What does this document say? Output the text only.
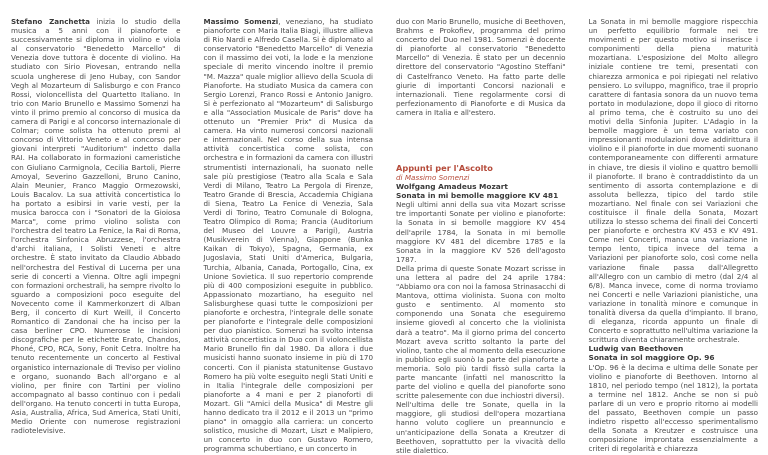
Stefano Zanchetta inizia lo studio della musica a 5 anni con il pianoforte e successivamente si diploma in violino e viola al conservatorio "Benedetto Marcello" di Venezia dove tuttora è docente di violino. Ha studiato con Sirio Piovesan, entrando nella scuola ungherese di Jeno Hubay, con Sandor Vegh al Mozarteum di Salisburgo e con Franco Rossi, violoncellista del Quartetto Italiano. In trio con Mario Brunello e Massimo Somenzi ha vinto il primo premio al concorso di musica da camera di Parigi e al concorso internazionale di Colmar; come solista ha ottenuto premi al concorso di Vittorio Veneto e al concorso per giovani interpreti "Auditorium" indetto dalla RAI. Ha collaborato in formazioni cameristiche con Giuliano Carmignola, Cecilia Bartoli, Pierre Amoyal, Severino Gazzelloni, Bruno Canino, Alain Meunier, Franco Maggio Ormezowski, Louis Bacalov. La sua attività concertistica lo ha portato a esibirsi in varie vesti, per la musica barocca con i "Sonatori de la Gioiosa Marca", come primo violino solista con l'orchestra del teatro La Fenice, la Rai di Roma, l'orchestra Sinfonica Abruzzese, l'orchestra d'archi italiana, I Solisti Veneti e altre orchestre. È stato invitato da Claudio Abbado nell'orchestra del Festival di Lucerna per una serie di concerti a Vienna. Oltre agli impegni con formazioni orchestrali, ha sempre rivolto lo sguardo a composizioni poco eseguite del Novecento come il Kammerkonzert di Alban Berg, il concerto di Kurt Weill, il Concerto Romantico di Zandonai che ha inciso per la casa berliner CPO. Numerose le incisioni discografiche per le etichette Erato, Chandos, Phoné, CPO, RCA, Sony, Fonit Cetra. Inoltre ha tenuto recentemente un concerto al Festival organistico internazionale di Treviso per violino e organo, suonando Bach all'organo e al violino, per finire con Tartini per violino accompagnato al basso continuo con i pedali dell'organo. Ha tenuto concerti in tutta Europa, Asia, Australia, Africa, Sud America, Stati Uniti, Medio Oriente con numerose registrazioni radiotelevisive.

Massimo Somenzi, veneziano, ha studiato pianoforte con Maria Italia Biagi, illustre allieva di Rio Nardi e Alfredo Casella. Si è diplomato al conservatorio "Benedetto Marcello" di Venezia con il massimo dei voti, la lode e la menzione speciale di merito vincendo inoltre il premio "M. Mazza" quale miglior allievo della Scuola di Pianoforte. Ha studiato Musica da camera con Sergio Lorenzi, Franco Rossi e Antonio Janigro. Si è perfezionato al "Mozarteum" di Salisburgo e alla "Association Musicale de Paris" dove ha ottenuto un "Premier Prix" di Musica da camera. Ha vinto numerosi concorsi nazionali e internazionali. Nel corso della sua intensa attività concertistica come solista, con orchestra e in formazioni da camera con illustri strumentisti internazionali, ha suonato nelle sale più prestigiose (Teatro alla Scala e Sala Verdi di Milano, Teatro La Pergola di Firenze, Teatro Grande di Brescia, Accademia Chigiana di Siena, Teatro La Fenice di Venezia, Sala Verdi di Torino, Teatro Comunale di Bologna, Teatro Olimpico di Roma; Francia (Auditorium del Museo del Louvre a Parigi), Austria (Musikverein di Vienna), Giappone (Bunka Kaikan di Tokyo), Spagna, Germania, ex Jugoslavia, Stati Uniti d'America, Bulgaria, Turchia, Albania, Canada, Portogallo, Cina, ex Unione Sovietica. Il suo repertorio comprende più di 400 composizioni eseguite in pubblico. Appassionato mozartiano, ha eseguito nel Salisburghese quasi tutte le composizioni per pianoforte e orchestra, l'integrale delle sonate per pianoforte e l'integrale delle composizioni per duo pianistico. Somenzi ha svolto intensa attività concertistica in Duo con il violoncellista Mario Brunello fin dal 1980. Da allora i due musicisti hanno suonato insieme in più di 170 concerti. Con il pianista statunitense Gustavo Romero ha più volte eseguito negli Stati Uniti e in Italia l'integrale delle composizioni per pianoforte a 4 mani e per 2 pianoforti di Mozart. Gli "Amici della Musica" di Mestre gli hanno dedicato tra il 2012 e il 2013 un "primo piano" in omaggio alla carriera: un concerto solistico, musiche di Mozart, Liszt e Malipiero, un concerto in duo con Gustavo Romero, programma schubertiano, e un concerto in

duo con Mario Brunello, musiche di Beethoven, Brahms e Prokofiev, programma del primo concerto del Duo nel 1981. Somenzi è docente di pianoforte al conservatorio "Benedetto Marcello" di Venezia. È stato per un decennio direttore del conservatorio "Agostino Steffani" di Castelfranco Veneto. Ha fatto parte delle giurie di importanti Concorsi nazionali e internazionali. Tiene regolarmente corsi di perfezionamento di Pianoforte e di Musica da camera in Italia e all'estero.

Appunti per l'Ascolto

di Massimo Somenzi

Wolfgang Amadeus Mozart

Sonata in mi bemolle maggiore KV 481

Negli ultimi anni della sua vita Mozart scrisse tre importanti Sonate per violino e pianoforte: la Sonata in si bemolle maggiore KV 454 dell'aprile 1784, la Sonata in mi bemolle maggiore KV 481 del dicembre 1785 e la Sonata in la maggiore KV 526 dell'agosto 1787.

Della prima di queste Sonate Mozart scrisse in una lettera al padre del 24 aprile 1784: "Abbiamo ora con noi la famosa Strinasacchi di Mantova, ottima violinista. Suona con molto gusto e sentimento. Al momento sto componendo una Sonata che eseguiremo insieme giovedì al concerto che la violinista darà a teatro". Ma il giorno prima del concerto Mozart aveva scritto soltanto la parte del violino, tanto che al momento della esecuzione in pubblico egli suonò la parte del pianoforte a memoria. Solo più tardi fissò sulla carta la parte mancante (infatti nel manoscritto la parte del violino e quella del pianoforte sono scritte palesemente con due inchiostri diversi).

Nell'ultima delle tre Sonate, quella in la maggiore, gli studiosi dell'opera mozartiana hanno voluto cogliere un preannuncio e un'anticipazione della Sonata a Kreutzer di Beethoven, soprattutto per la vivacità dello stile dialettico.

La Sonata in mi bemolle maggiore rispecchia un perfetto equilibrio formale nei tre movimenti e per questo motivo si inserisce i componimenti della piena maturità mozartiana. L'esposizione del Molto allegro iniziale contiene tre temi, presentati con chiarezza armonica e poi ripiegati nel relativo pensiero. Lo sviluppo, magnifico, trae il proprio carattere di fantasia sonora da un nuovo tema portato in modulazione, dopo il gioco di ritorno al primo tema, che è costruito su uno dei motivi della Sinfonia Jupiter. L'Adagio in la bemolle maggiore è un tema variato con impressionanti modulazioni dove addirittura il violino e il pianoforte in due momenti suonano contemporaneamente con differenti armature in chiave, tre diesis il violino e quattro bemolli il pianoforte. Il brano è contraddistinto da un sentimento di assorta contemplazione e di assoluta bellezza, tipico del tardo stile mozartiano. Nel finale con sei Variazioni che costituisce il finale della Sonata, Mozart utilizza lo stesso schema dei finali dei Concerti per pianoforte e orchestra KV 453 e KV 491. Come nei Concerti, manca una variazione in tempo lento, tipica invece del tema a Variazioni per pianoforte solo, così come nella variazione finale passa dall'Allegretto all'Allegro con un cambio di metro (dal 2/4 al 6/8). Manca invece, come di norma troviamo nei Concerti e nelle Variazioni pianistiche, una variazione in tonalità minore e comunque in tonalità diversa da quella d'impianto. Il brano, di eleganza, ricorda appunto un finale di Concerto e soprattutto nell'ultima variazione la scrittura diventa chiaramente orchestrale.

Ludwig van Beethoven

Sonata in sol maggiore Op. 96

L'Op. 96 è la decima e ultima delle Sonate per violino e pianoforte di Beethoven. Intorno al 1810, nel periodo tempo (nel 1812), la portata a termine nel 1812. Anche se non si può parlare di un vero e proprio ritorno ai modelli del passato, Beethoven compie un passo indietro rispetto all'eccesso sperimentalismo della Sonata a Kreutzer e costruisce una composizione improntata essenzialmente a criteri di regolarità e chiarezza
